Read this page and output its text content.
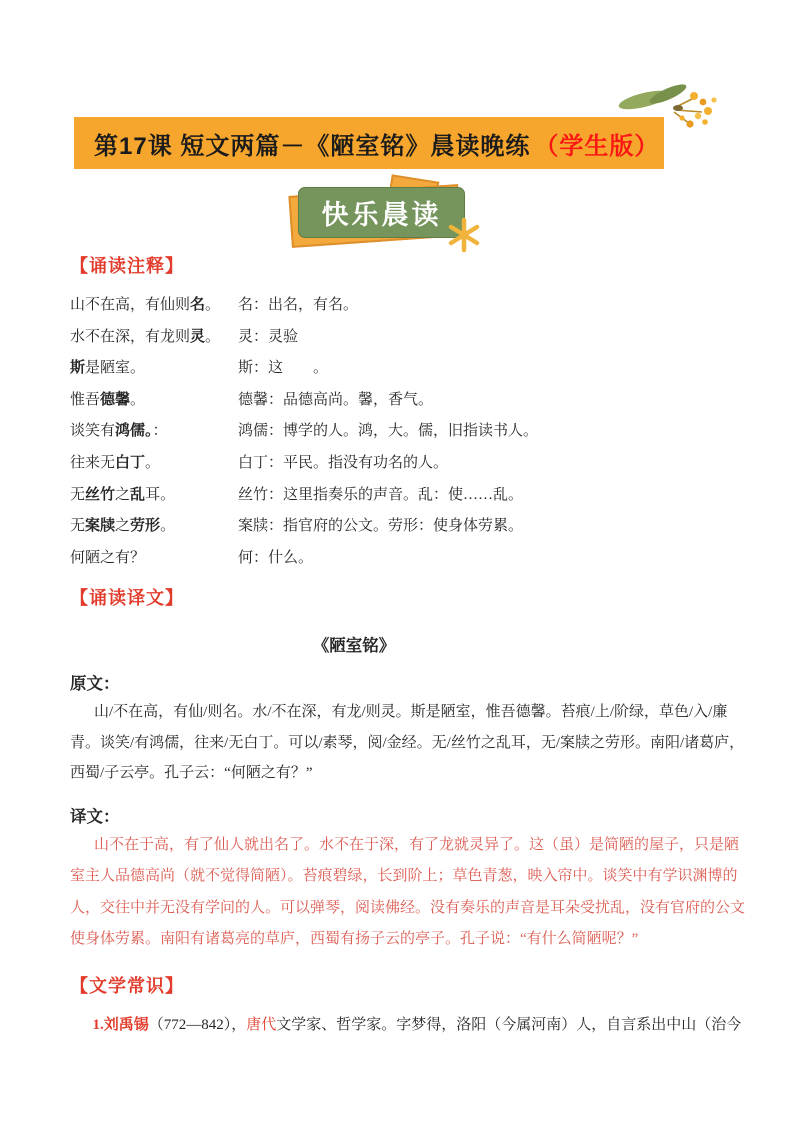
第17课 短文两篇－《陋室铭》晨读晚练 （学生版）
快乐晨读
【诵读注释】
山不在高，有仙则名。	名：出名，有名。
水不在深，有龙则灵。	灵：灵验
斯是陋室。	斯：这　　。
惟吾德馨。	德馨：品德高尚。馨，香气。
谈笑有鸿儒。：	鸿儒：博学的人。鸿，大。儒，旧指读书人。
往来无白丁。	白丁：平民。指没有功名的人。
无丝竹之乱耳。	丝竹：这里指奏乐的声音。乱：使……乱。
无案牍之劳形。	案牍：指官府的公文。劳形：使身体劳累。
何陋之有？	何：什么。
【诵读译文】
《陋室铭》
原文：

山/不在高，有仙/则名。水/不在深，有龙/则灵。斯是陋室，惟吾德馨。苔痕/上/阶绿，草色/入/廉青。谈笑/有鸿儒，往来/无白丁。可以/素琴，阅/金经。无/丝竹之乱耳，无/案牍之劳形。南阳/诸葛庐，西蜀/子云亭。孔子云：“何陋之有？”

译文：

山不在于高，有了仙人就出名了。水不在于深，有了龙就灵异了。这（虽）是简陋的屋子，只是陋室主人品德高尚（就不觉得简陋）。苔痕碧绿，长到阶上；草色青葱，映入帘中。谈笑中有学识渊博的人，交往中并无没有学问的人。可以弹琴，阅读佛经。没有奏乐的声音是耳朵受扰乱，没有官府的公文使身体劳累。南阳有诸葛亮的草庐，西蜀有扬子云的亭子。孔子说：“有什么简陋呢？”

【文学常识】

1.刘禹锡（772—842），唐代文学家、哲学家。字梦得，洛阳（今属河南）人，自言系出中山（治今
